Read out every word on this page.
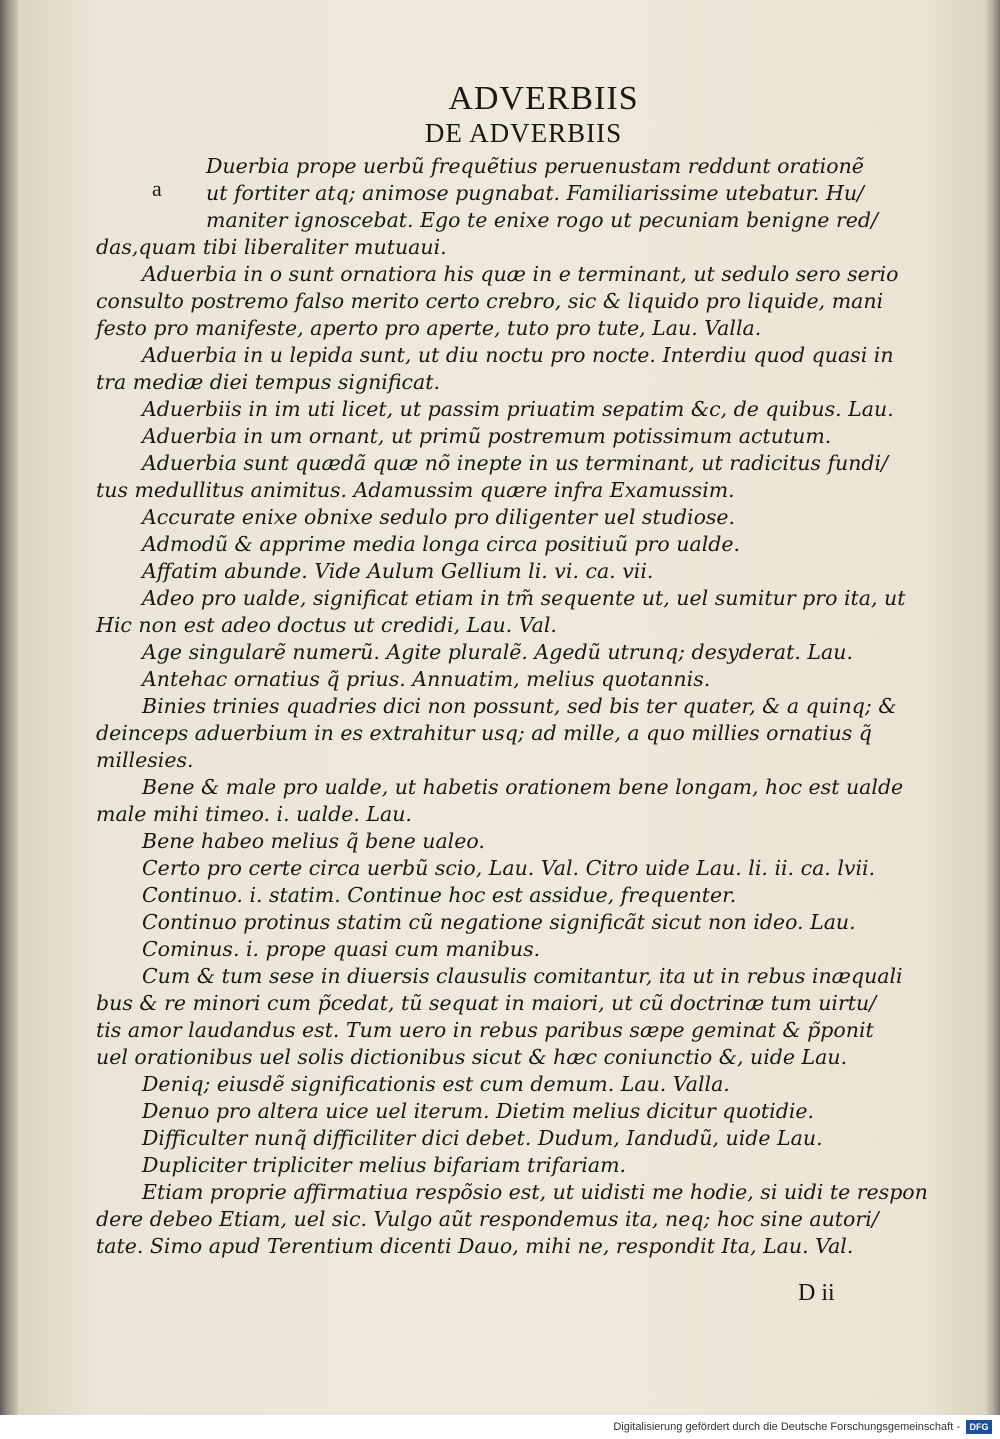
ADVERBIIS
DE ADVERBIIS
Duerbia prope uerbũ frequẽtius peruenustam reddunt orationẽ
ut fortiter atq; animose pugnabat. Familiarissime utebatur. Hu/
maniter ignoscebat. Ego te enixe rogo ut pecuniam benigne red/
das,quam tibi liberaliter mutuaui.
Aduerbia in o sunt ornatiora his quæ in e terminant, ut sedulo sero serio
consulto postremo falso merito certo crebro, sic & liquido pro liquide, mani
festo pro manifeste, aperto pro aperte, tuto pro tute, Lau. Valla.
Aduerbia in u lepida sunt, ut diu noctu pro nocte. Interdiu quod quasi in
tra mediæ diei tempus significat.
Aduerbiis in im uti licet, ut passim priuatim sepatim &c, de quibus. Lau.
Aduerbia in um ornant, ut primũ postremum potissimum actutum.
Aduerbia sunt quædã quæ nõ inepte in us terminant, ut radicitus fundi/
tus medullitus animitus. Adamussim quære infra Examussim.
Accurate enixe obnixe sedulo pro diligenter uel studiose.
Admodũ & apprime media longa circa positiuũ pro ualde.
Affatim abunde. Vide Aulum Gellium li. vi. ca. vii.
Adeo pro ualde, significat etiam in tm̃ sequente ut, uel sumitur pro ita, ut
Hic non est adeo doctus ut credidi, Lau. Val.
Age singularẽ numerũ. Agite pluralẽ. Agedũ utrunq; desyderat. Lau.
Antehac ornatius q̃ prius. Annuatim, melius quotannis.
Binies trinies quadries dici non possunt, sed bis ter quater, & a quinq; &
deinceps aduerbium in es extrahitur usq; ad mille, a quo millies ornatius q̃
millesies.
Bene & male pro ualde, ut habetis orationem bene longam, hoc est ualde
male mihi timeo. i. ualde. Lau.
Bene habeo melius q̃ bene ualeo.
Certo pro certe circa uerbũ scio, Lau. Val. Citro uide Lau. li. ii. ca. lvii.
Continuo. i. statim. Continue hoc est assidue, frequenter.
Continuo protinus statim cũ negatione significãt sicut non ideo. Lau.
Cominus. i. prope quasi cum manibus.
Cum & tum sese in diuersis clausulis comitantur, ita ut in rebus inæquali
bus & re minori cum p̃cedat, tũ sequat in maiori, ut cũ doctrinæ tum uirtu/
tis amor laudandus est. Tum uero in rebus paribus sæpe geminat & p̃ponit
uel orationibus uel solis dictionibus sicut & hæc coniunctio &, uide Lau.
Deniq; eiusdẽ significationis est cum demum. Lau. Valla.
Denuo pro altera uice uel iterum. Dietim melius dicitur quotidie.
Difficulter nunq̃ difficiliter dici debet. Dudum, Iandudũ, uide Lau.
Dupliciter tripliciter melius bifariam trifariam.
Etiam proprie affirmatiua respõsio est, ut uidisti me hodie, si uidi te respon
dere debeo Etiam, uel sic. Vulgo aũt respondemus ita, neq; hoc sine autori/
tate. Simo apud Terentium dicenti Dauo, mihi ne, respondit Ita, Lau. Val.
a
D ii
Digitalisierung gefördert durch die Deutsche Forschungsgemeinschaft -	DFG
